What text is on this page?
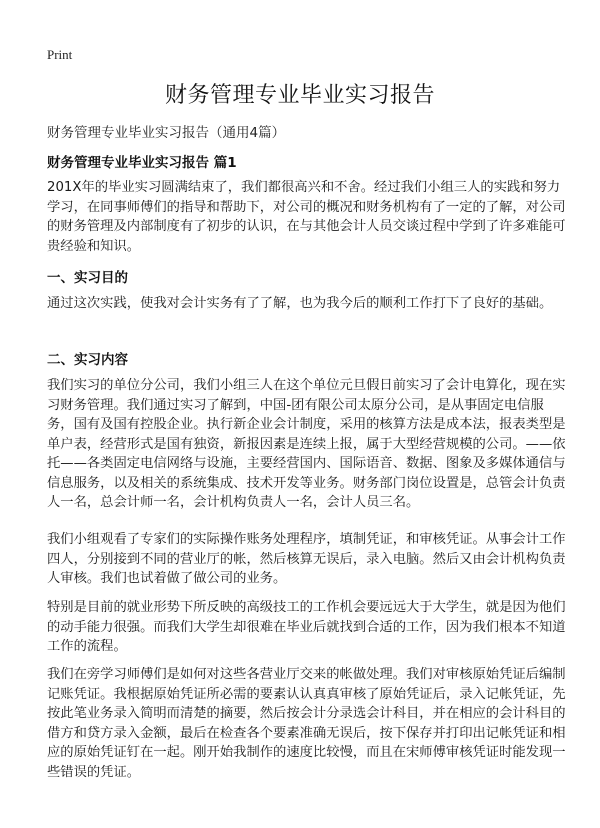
Print
财务管理专业毕业实习报告
财务管理专业毕业实习报告（通用4篇）
财务管理专业毕业实习报告 篇1

201X年的毕业实习圆满结束了，我们都很高兴和不舍。经过我们小组三人的实践和努力学习，在同事师傅们的指导和帮助下，对公司的概况和财务机构有了一定的了解，对公司的财务管理及内部制度有了初步的认识，在与其他会计人员交谈过程中学到了许多难能可贵经验和知识。

一、实习目的

通过这次实践，使我对会计实务有了了解，也为我今后的顺利工作打下了良好的基础。

二、实习内容

我们实习的单位分公司，我们小组三人在这个单位元旦假日前实习了会计电算化，现在实习财务管理。我们通过实习了解到，中国-团有限公司太原分公司，是从事固定电信服务，国有及国有控股企业。执行新企业会计制度，采用的核算方法是成本法，报表类型是单户表，经营形式是国有独资，新报因素是连续上报，属于大型经营规模的公司。——依托——各类固定电信网络与设施，主要经营国内、国际语音、数据、图象及多媒体通信与信息服务，以及相关的系统集成、技术开发等业务。财务部门岗位设置是，总管会计负责人一名，总会计师一名，会计机构负责人一名，会计人员三名。

我们小组观看了专家们的实际操作账务处理程序，填制凭证，和审核凭证。从事会计工作四人，分别接到不同的营业厅的帐，然后核算无误后，录入电脑。然后又由会计机构负责人审核。我们也试着做了做公司的业务。

特别是目前的就业形势下所反映的高级技工的工作机会要远远大于大学生，就是因为他们的动手能力很强。而我们大学生却很难在毕业后就找到合适的工作，因为我们根本不知道工作的流程。

我们在旁学习师傅们是如何对这些各营业厅交来的帐做处理。我们对审核原始凭证后编制记账凭证。我根据原始凭证所必需的要素认认真真审核了原始凭证后，录入记帐凭证，先按此笔业务录入简明而清楚的摘要，然后按会计分录选会计科目，并在相应的会计科目的借方和贷方录入金额，最后在检查各个要素准确无误后，按下保存并打印出记帐凭证和相应的原始凭证钉在一起。刚开始我制作的速度比较慢，而且在宋师傅审核凭证时能发现一些错误的凭证。
